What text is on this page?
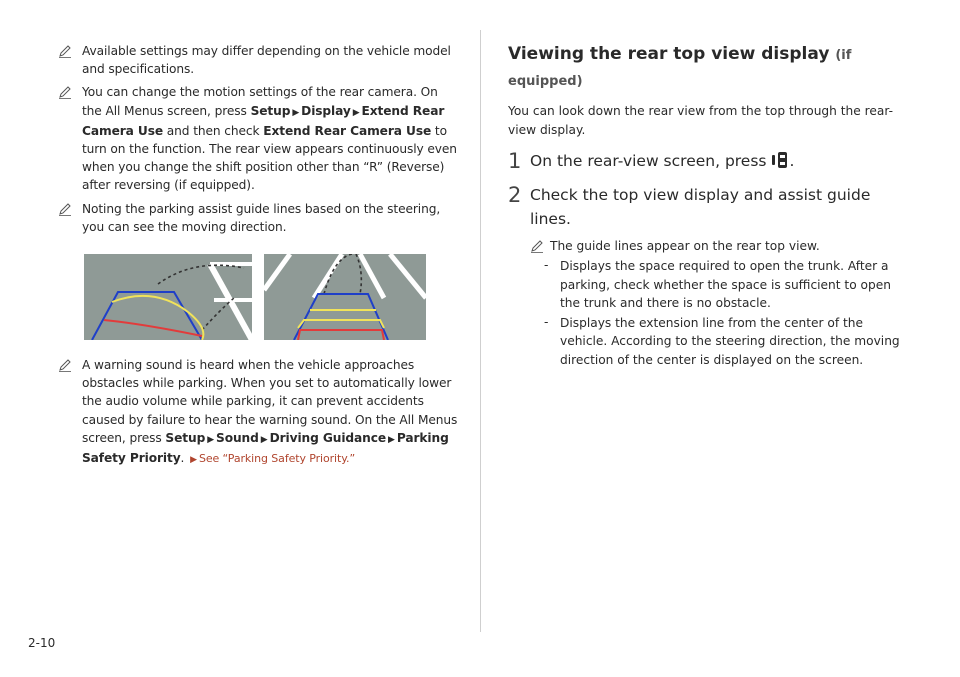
Available settings may differ depending on the vehicle model and specifications.
You can change the motion settings of the rear camera. On the All Menus screen, press Setup ▶ Display ▶ Extend Rear Camera Use and then check Extend Rear Camera Use to turn on the function. The rear view appears continuously even when you change the shift position other than “R” (Reverse) after reversing (if equipped).
Noting the parking assist guide lines based on the steering, you can see the moving direction.
A warning sound is heard when the vehicle approaches obstacles while parking. When you set to automatically lower the audio volume while parking, it can prevent accidents caused by failure to hear the warning sound. On the All Menus screen, press Setup ▶ Sound ▶ Driving Guidance ▶ Parking Safety Priority. ▶ See “Parking Safety Priority.”
Viewing the rear top view display (if equipped)
You can look down the rear view from the top through the rear-view display.
1 On the rear-view screen, press .
2 Check the top view display and assist guide lines.
The guide lines appear on the rear top view.
- Displays the space required to open the trunk. After a parking, check whether the space is sufficient to open the trunk and there is no obstacle.
- Displays the extension line from the center of the vehicle. According to the steering direction, the moving direction of the center is displayed on the screen.
2-10
